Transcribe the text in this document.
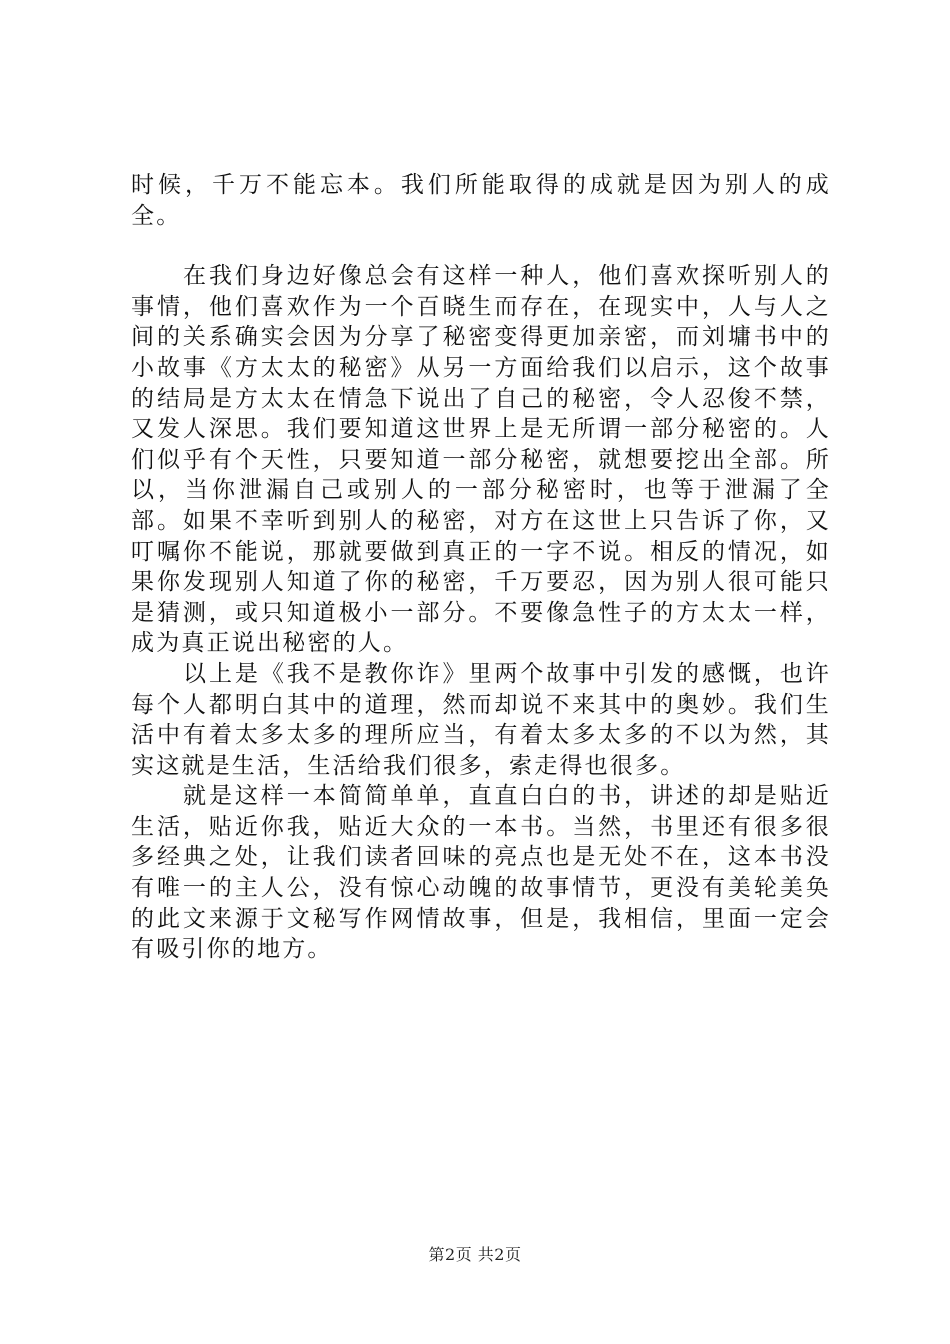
时候，千万不能忘本。我们所能取得的成就是因为别人的成全。

在我们身边好像总会有这样一种人，他们喜欢探听别人的事情，他们喜欢作为一个百晓生而存在，在现实中，人与人之间的关系确实会因为分享了秘密变得更加亲密，而刘墉书中的小故事《方太太的秘密》从另一方面给我们以启示，这个故事的结局是方太太在情急下说出了自己的秘密，令人忍俊不禁，又发人深思。我们要知道这世界上是无所谓一部分秘密的。人们似乎有个天性，只要知道一部分秘密，就想要挖出全部。所以，当你泄漏自己或别人的一部分秘密时，也等于泄漏了全部。如果不幸听到别人的秘密，对方在这世上只告诉了你，又叮嘱你不能说，那就要做到真正的一字不说。相反的情况，如果你发现别人知道了你的秘密，千万要忍，因为别人很可能只是猜测，或只知道极小一部分。不要像急性子的方太太一样，成为真正说出秘密的人。

以上是《我不是教你诈》里两个故事中引发的感慨，也许每个人都明白其中的道理，然而却说不来其中的奥妙。我们生活中有着太多太多的理所应当，有着太多太多的不以为然，其实这就是生活，生活给我们很多，索走得也很多。

就是这样一本简简单单，直直白白的书，讲述的却是贴近生活，贴近你我，贴近大众的一本书。当然，书里还有很多很多经典之处，让我们读者回味的亮点也是无处不在，这本书没有唯一的主人公，没有惊心动魄的故事情节，更没有美轮美奂的此文来源于文秘写作网情故事，但是，我相信，里面一定会有吸引你的地方。

第2页 共2页
